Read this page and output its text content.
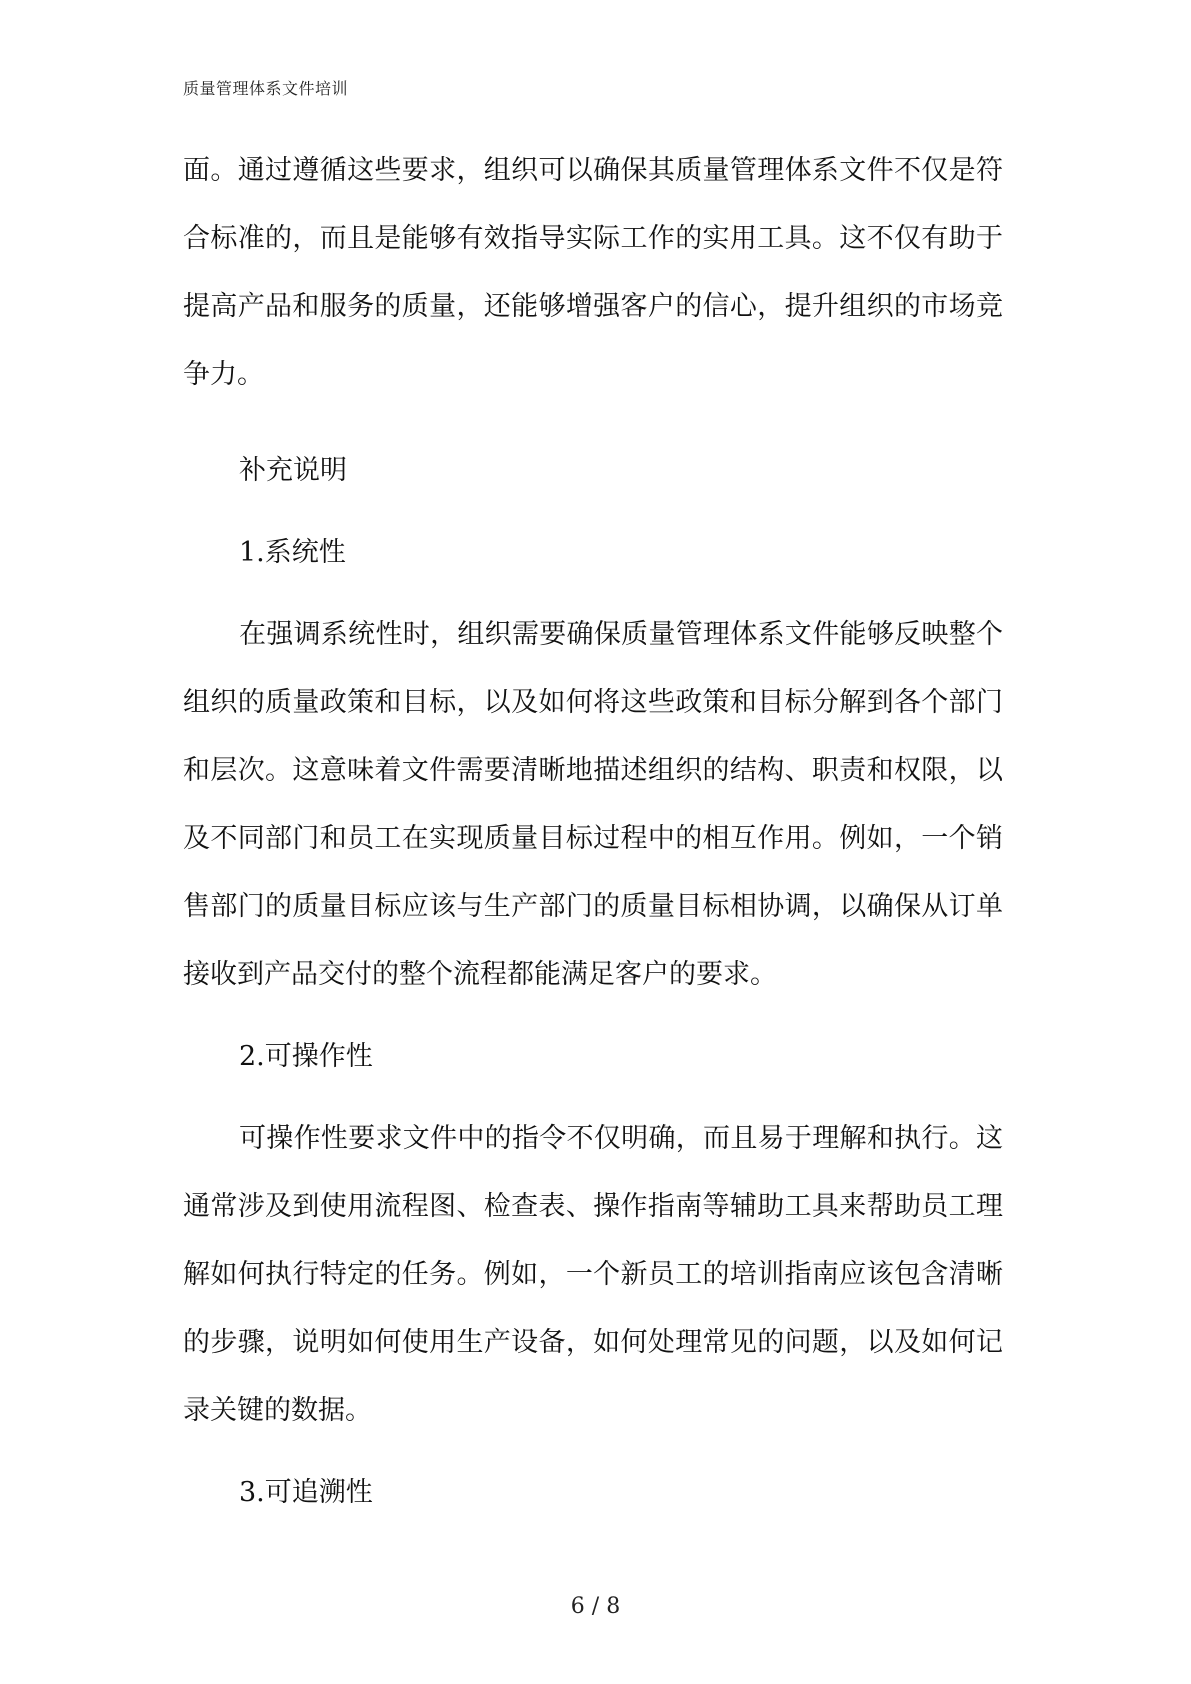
质量管理体系文件培训

面。通过遵循这些要求，组织可以确保其质量管理体系文件不仅是符合标准的，而且是能够有效指导实际工作的实用工具。这不仅有助于提高产品和服务的质量，还能够增强客户的信心，提升组织的市场竞争力。

补充说明
1.系统性

在强调系统性时，组织需要确保质量管理体系文件能够反映整个组织的质量政策和目标，以及如何将这些政策和目标分解到各个部门和层次。这意味着文件需要清晰地描述组织的结构、职责和权限，以及不同部门和员工在实现质量目标过程中的相互作用。例如，一个销售部门的质量目标应该与生产部门的质量目标相协调，以确保从订单接收到产品交付的整个流程都能满足客户的要求。

2.可操作性

可操作性要求文件中的指令不仅明确，而且易于理解和执行。这通常涉及到使用流程图、检查表、操作指南等辅助工具来帮助员工理解如何执行特定的任务。例如，一个新员工的培训指南应该包含清晰的步骤，说明如何使用生产设备，如何处理常见的问题，以及如何记录关键的数据。

3.可追溯性
6 / 8
